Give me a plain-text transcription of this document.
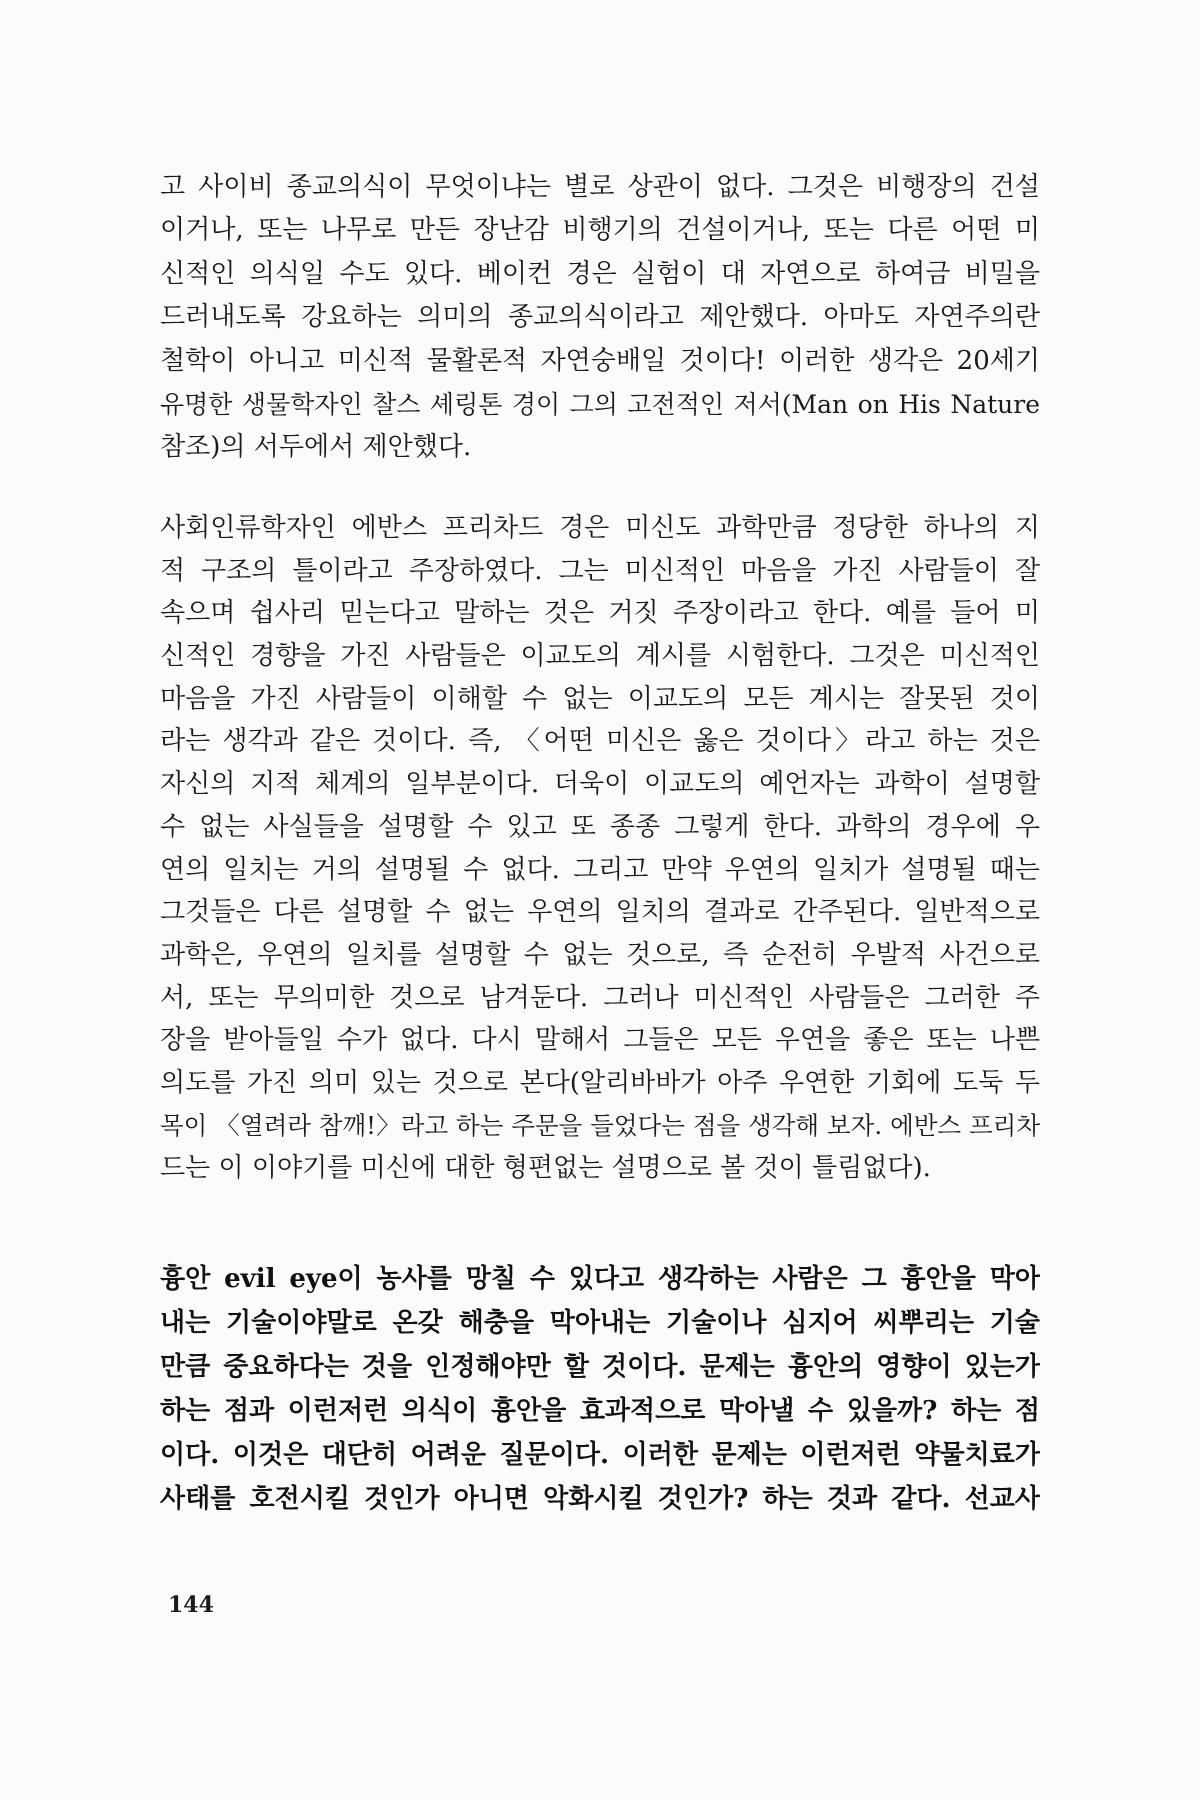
고 사이비 종교의식이 무엇이냐는 별로 상관이 없다. 그것은 비행장의 건설
이거나, 또는 나무로 만든 장난감 비행기의 건설이거나, 또는 다른 어떤 미
신적인 의식일 수도 있다. 베이컨 경은 실험이 대 자연으로 하여금 비밀을
드러내도록 강요하는 의미의 종교의식이라고 제안했다. 아마도 자연주의란
철학이 아니고 미신적 물활론적 자연숭배일 것이다! 이러한 생각은 20세기
유명한 생물학자인 찰스 셰링톤 경이 그의 고전적인 저서(Man on His Nature
참조)의 서두에서 제안했다.
사회인류학자인 에반스 프리차드 경은 미신도 과학만큼 정당한 하나의 지
적 구조의 틀이라고 주장하였다. 그는 미신적인 마음을 가진 사람들이 잘
속으며 쉽사리 믿는다고 말하는 것은 거짓 주장이라고 한다. 예를 들어 미
신적인 경향을 가진 사람들은 이교도의 계시를 시험한다. 그것은 미신적인
마음을 가진 사람들이 이해할 수 없는 이교도의 모든 계시는 잘못된 것이
라는 생각과 같은 것이다. 즉, 〈어떤 미신은 옳은 것이다〉라고 하는 것은
자신의 지적 체계의 일부분이다. 더욱이 이교도의 예언자는 과학이 설명할
수 없는 사실들을 설명할 수 있고 또 종종 그렇게 한다. 과학의 경우에 우
연의 일치는 거의 설명될 수 없다. 그리고 만약 우연의 일치가 설명될 때는
그것들은 다른 설명할 수 없는 우연의 일치의 결과로 간주된다. 일반적으로
과학은, 우연의 일치를 설명할 수 없는 것으로, 즉 순전히 우발적 사건으로
서, 또는 무의미한 것으로 남겨둔다. 그러나 미신적인 사람들은 그러한 주
장을 받아들일 수가 없다. 다시 말해서 그들은 모든 우연을 좋은 또는 나쁜
의도를 가진 의미 있는 것으로 본다(알리바바가 아주 우연한 기회에 도둑 두
목이 〈열려라 참깨!〉라고 하는 주문을 들었다는 점을 생각해 보자. 에반스 프리차
드는 이 이야기를 미신에 대한 형편없는 설명으로 볼 것이 틀림없다).
흉안 evil eye이 농사를 망칠 수 있다고 생각하는 사람은 그 흉안을 막아
내는 기술이야말로 온갖 해충을 막아내는 기술이나 심지어 씨뿌리는 기술
만큼 중요하다는 것을 인정해야만 할 것이다. 문제는 흉안의 영향이 있는가
하는 점과 이런저런 의식이 흉안을 효과적으로 막아낼 수 있을까? 하는 점
이다. 이것은 대단히 어려운 질문이다. 이러한 문제는 이런저런 약물치료가
사태를 호전시킬 것인가 아니면 악화시킬 것인가? 하는 것과 같다. 선교사
144
